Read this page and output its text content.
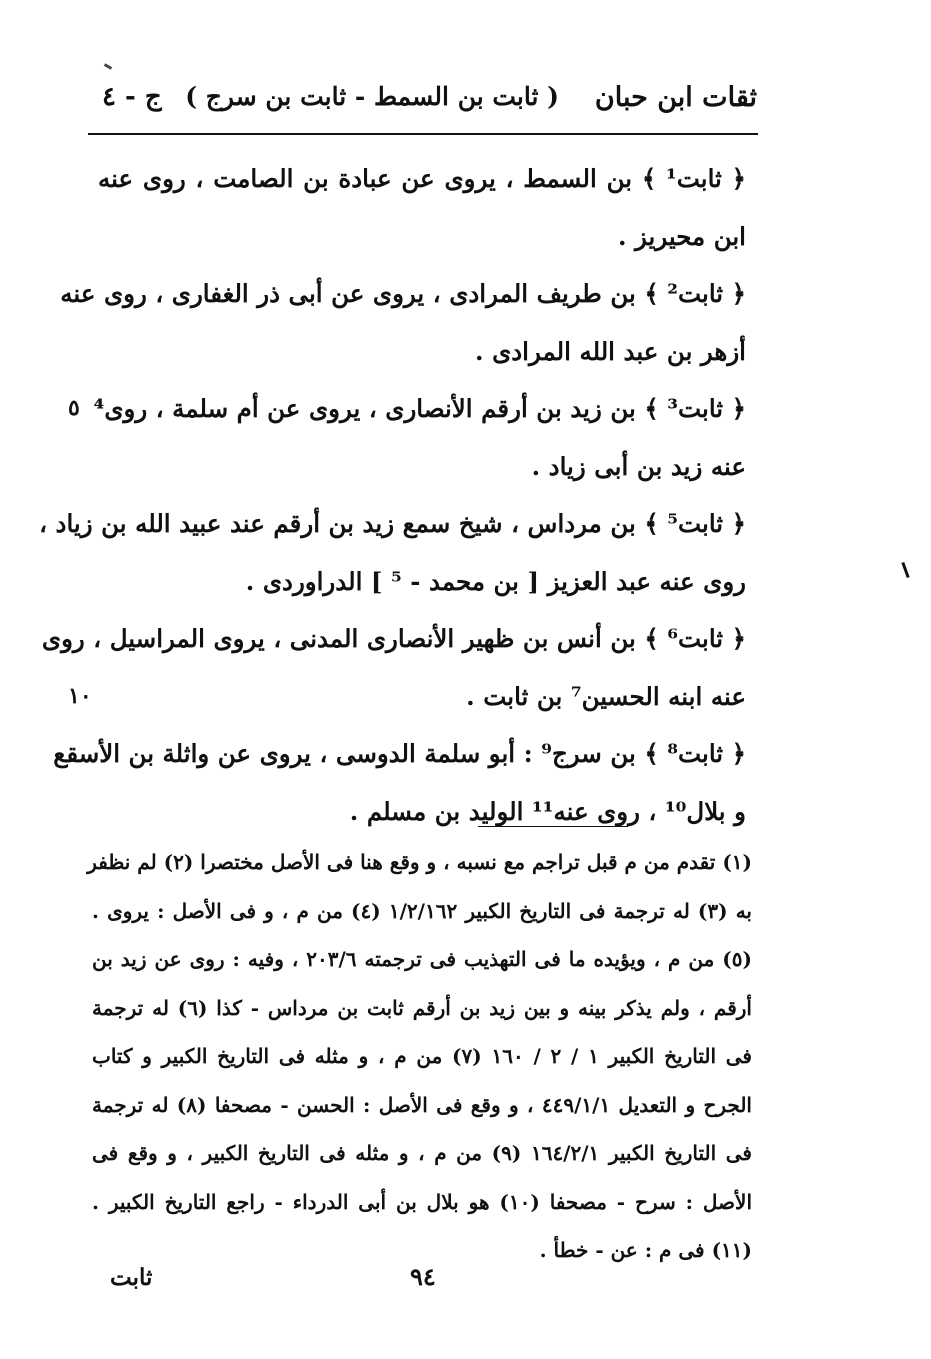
ثقات ابن حبان
( ثابت بن السمط - ثابت بن سرج )
ج - ٤
﴿ ثابت¹ ﴾ بن السمط ، يروى عن عبادة بن الصامت ، روى عنه
ابن محيريز .
﴿ ثابت² ﴾ بن طريف المرادى ، يروى عن أبى ذر الغفارى ، روى عنه
أزهر بن عبد الله المرادى .
٥ ﴿ ثابت³ ﴾ بن زيد بن أرقم الأنصارى ، يروى عن أم سلمة ، روى⁴
عنه زيد بن أبى زياد .
﴿ ثابت⁵ ﴾ بن مرداس ، شيخ سمع زيد بن أرقم عند عبيد الله بن زياد ،
روى عنه عبد العزيز [ بن محمد - ⁵ ] الدراوردى .
﴿ ثابت⁶ ﴾ بن أنس بن ظهير الأنصارى المدنى ، يروى المراسيل ، روى
١٠	عنه ابنه الحسين⁷ بن ثابت .
﴿ ثابت⁸ ﴾ بن سرج⁹ : أبو سلمة الدوسى ، يروى عن واثلة بن الأسقع
و بلال¹⁰ ، روى عنه¹¹ الوليد بن مسلم .
(١) تقدم من م قبل تراجم مع نسبه ، و وقع هنا فى الأصل مختصرا (٢) لم نظفر
به (٣) له ترجمة فى التاريخ الكبير ١/٢/١٦٢ (٤) من م ، و فى الأصل : يروى .
(٥) من م ، ويؤيده ما فى التهذيب فى ترجمته ٢٠٣/٦ ، وفيه : روى عن زيد بن
أرقم ، ولم يذكر بينه و بين زيد بن أرقم ثابت بن مرداس - كذا (٦) له ترجمة
فى التاريخ الكبير ١ / ٢ / ١٦٠ (٧) من م ، و مثله فى التاريخ الكبير و كتاب
الجرح و التعديل ٤٤٩/١/١ ، و وقع فى الأصل : الحسن - مصحفا (٨) له ترجمة
فى التاريخ الكبير ١٦٤/٢/١ (٩) من م ، و مثله فى التاريخ الكبير ، و وقع فى
الأصل : سرح - مصحفا (١٠) هو بلال بن أبى الدرداء - راجع التاريخ الكبير .
(١١) فى م : عن - خطأ .
٩٤
ثابت
